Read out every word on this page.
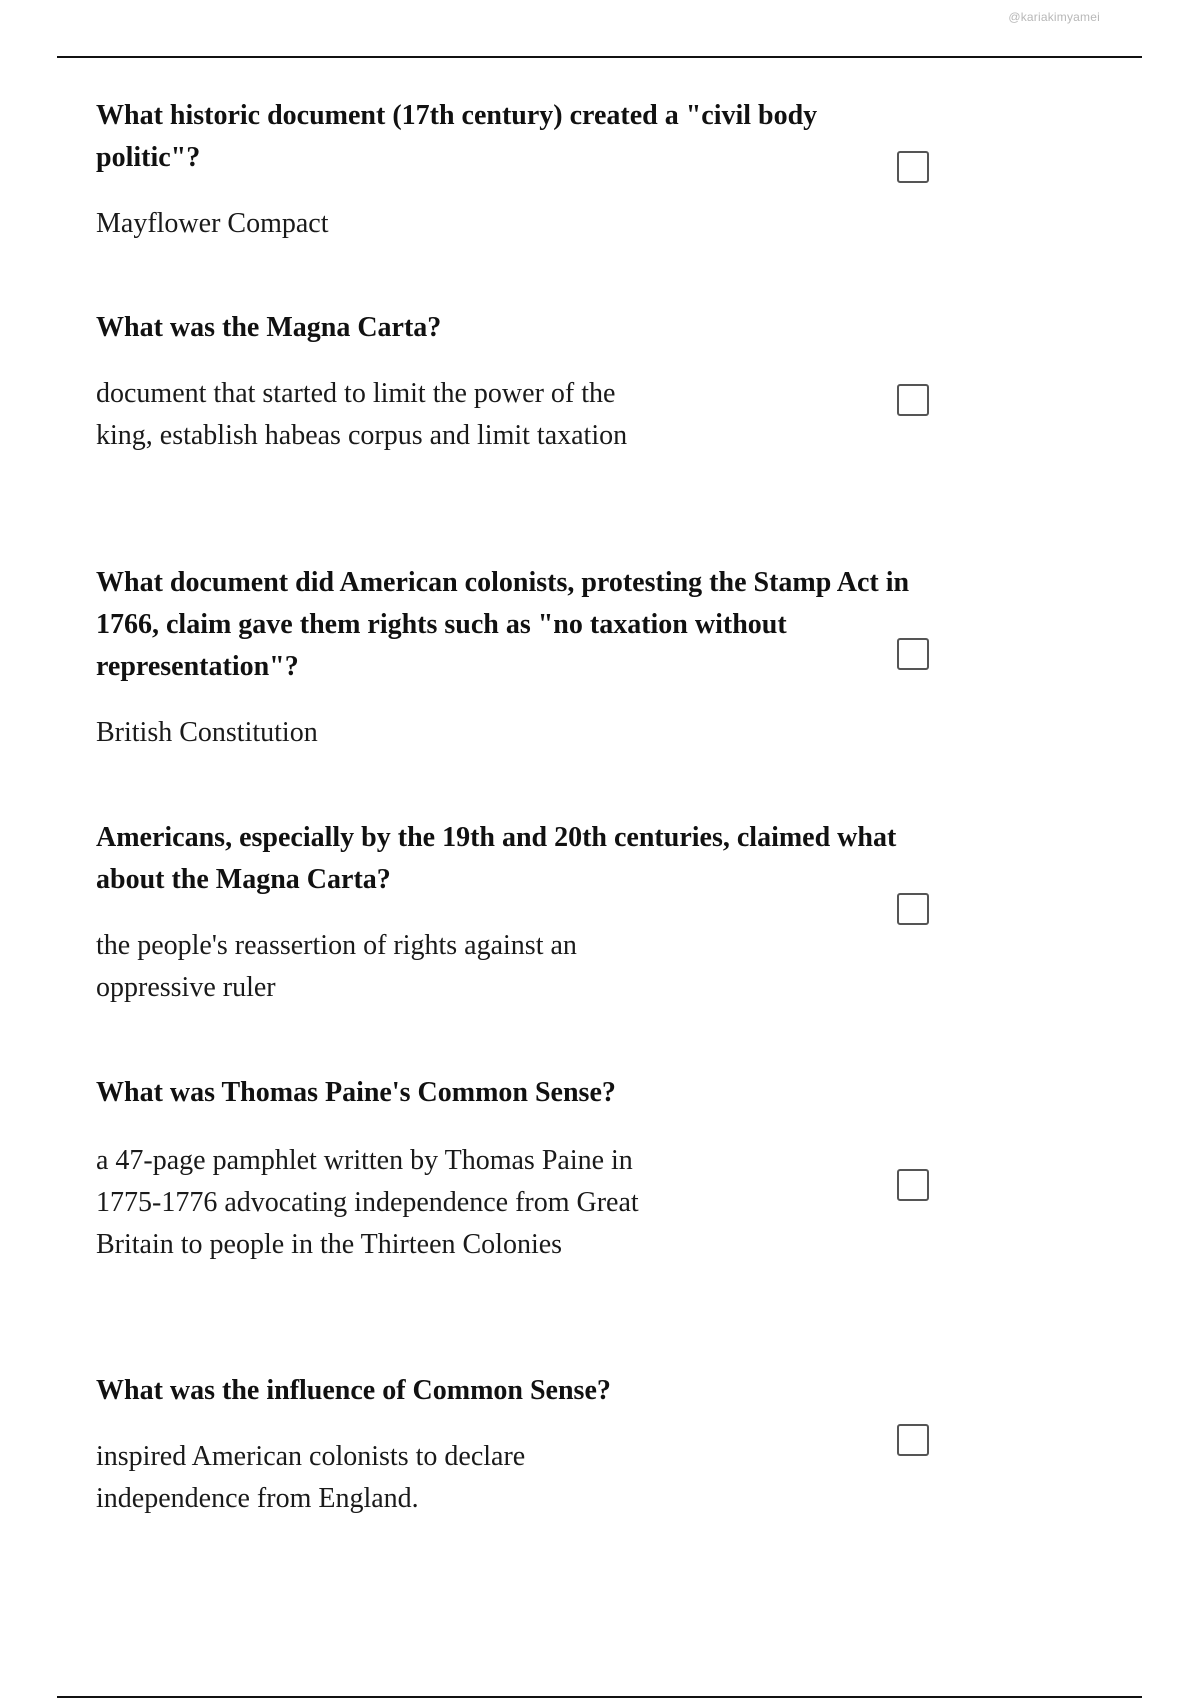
@kariakimyamei

What historic document (17th century) created a "civil body politic"?

Mayflower Compact

What was the Magna Carta?

document that started to limit the power of the king, establish habeas corpus and limit taxation

What document did American colonists, protesting the Stamp Act in 1766, claim gave them rights such as "no taxation without representation"?

British Constitution

Americans, especially by the 19th and 20th centuries, claimed what about the Magna Carta?

the people's reassertion of rights against an oppressive ruler

What was Thomas Paine's Common Sense?

a 47-page pamphlet written by Thomas Paine in 1775-1776 advocating independence from Great Britain to people in the Thirteen Colonies

What was the influence of Common Sense?

inspired American colonists to declare independence from England.
